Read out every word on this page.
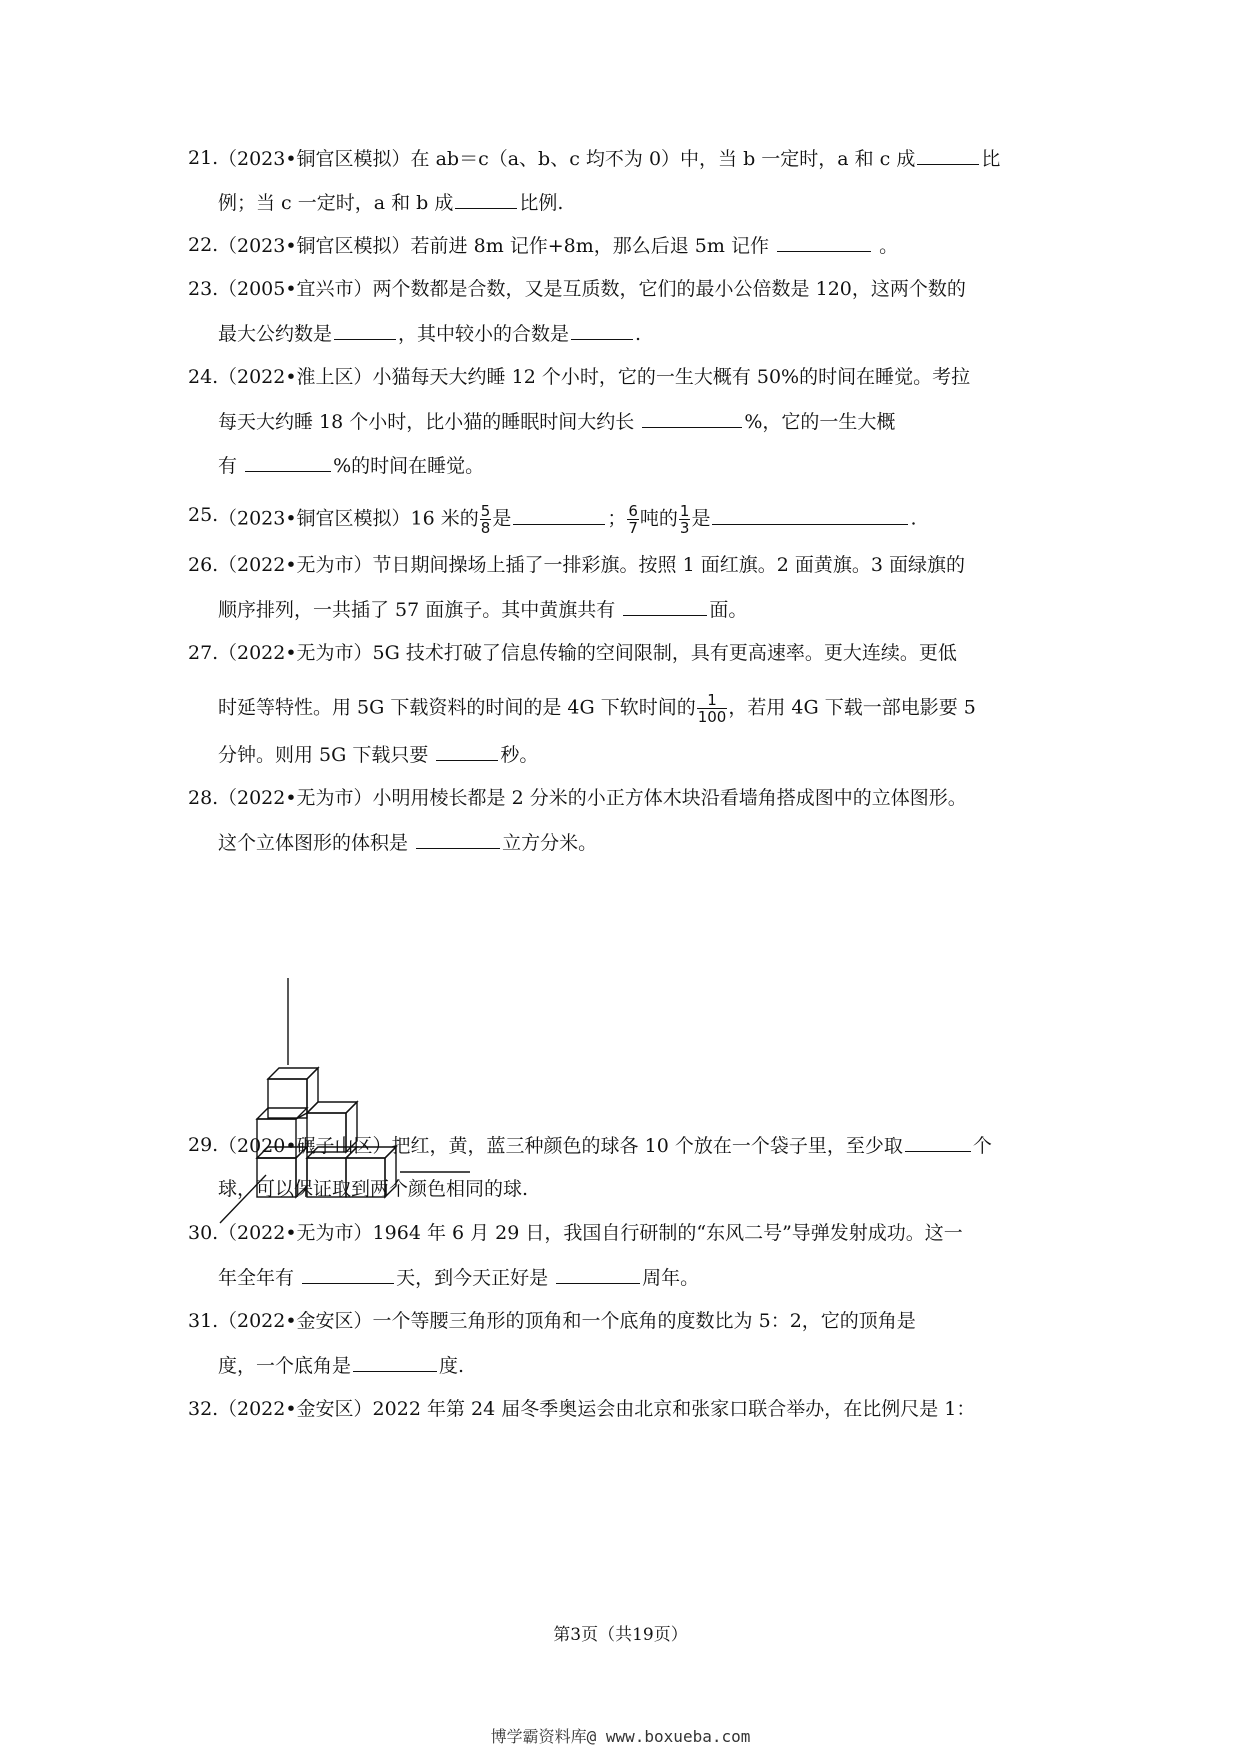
21. （2023•铜官区模拟）在 ab＝c（a、b、c 均不为 0）中，当 b 一定时，a 和 c 成	比
例；当 c 一定时，a 和 b 成	比例.
22. （2023•铜官区模拟）若前进 8m 记作+8m，那么后退 5m 记作	。
23. （2005•宜兴市）两个数都是合数，又是互质数，它们的最小公倍数是 120，这两个数的
最大公约数是	，其中较小的合数是	.
24. （2022•淮上区）小猫每天大约睡 12 个小时，它的一生大概有 50%的时间在睡觉。考拉
每天大约睡 18 个小时，比小猫的睡眠时间大约长	%，它的一生大概
有	%的时间在睡觉。
25. （2023•铜官区模拟）16 米的 $\frac{5}{8}$ 是	； $\frac{6}{7}$ 吨的 $\frac{1}{3}$ 是	.
26. （2022•无为市）节日期间操场上插了一排彩旗。按照 1 面红旗。2 面黄旗。3 面绿旗的
顺序排列，一共插了 57 面旗子。其中黄旗共有	面。
27. （2022•无为市）5G 技术打破了信息传输的空间限制，具有更高速率。更大连续。更低
时延等特性。用 5G 下载资料的时间的是 4G 下软时间的 $\frac{1}{100}$ ，若用 4G 下载一部电影要 5
分钟。则用 5G 下载只要	秒。
28. （2022•无为市）小明用棱长都是 2 分米的小正方体木块沿看墙角搭成图中的立体图形。
这个立体图形的体积是	立方分米。
29. （2020•碾子山区）把红，黄，蓝三种颜色的球各 10 个放在一个袋子里，至少取	个
球，可以保证取到两个颜色相同的球.
30. （2022•无为市）1964 年 6 月 29 日，我国自行研制的“东风二号”导弹发射成功。这一
年全年有	天，到今天正好是	周年。
31. （2022•金安区）一个等腰三角形的顶角和一个底角的度数比为 5：2，它的顶角是
度，一个底角是	度.
32. （2022•金安区）2022 年第 24 届冬季奥运会由北京和张家口联合举办，在比例尺是 1：
第3页（共19页）
博学霸资料库@ www.boxueba.com
